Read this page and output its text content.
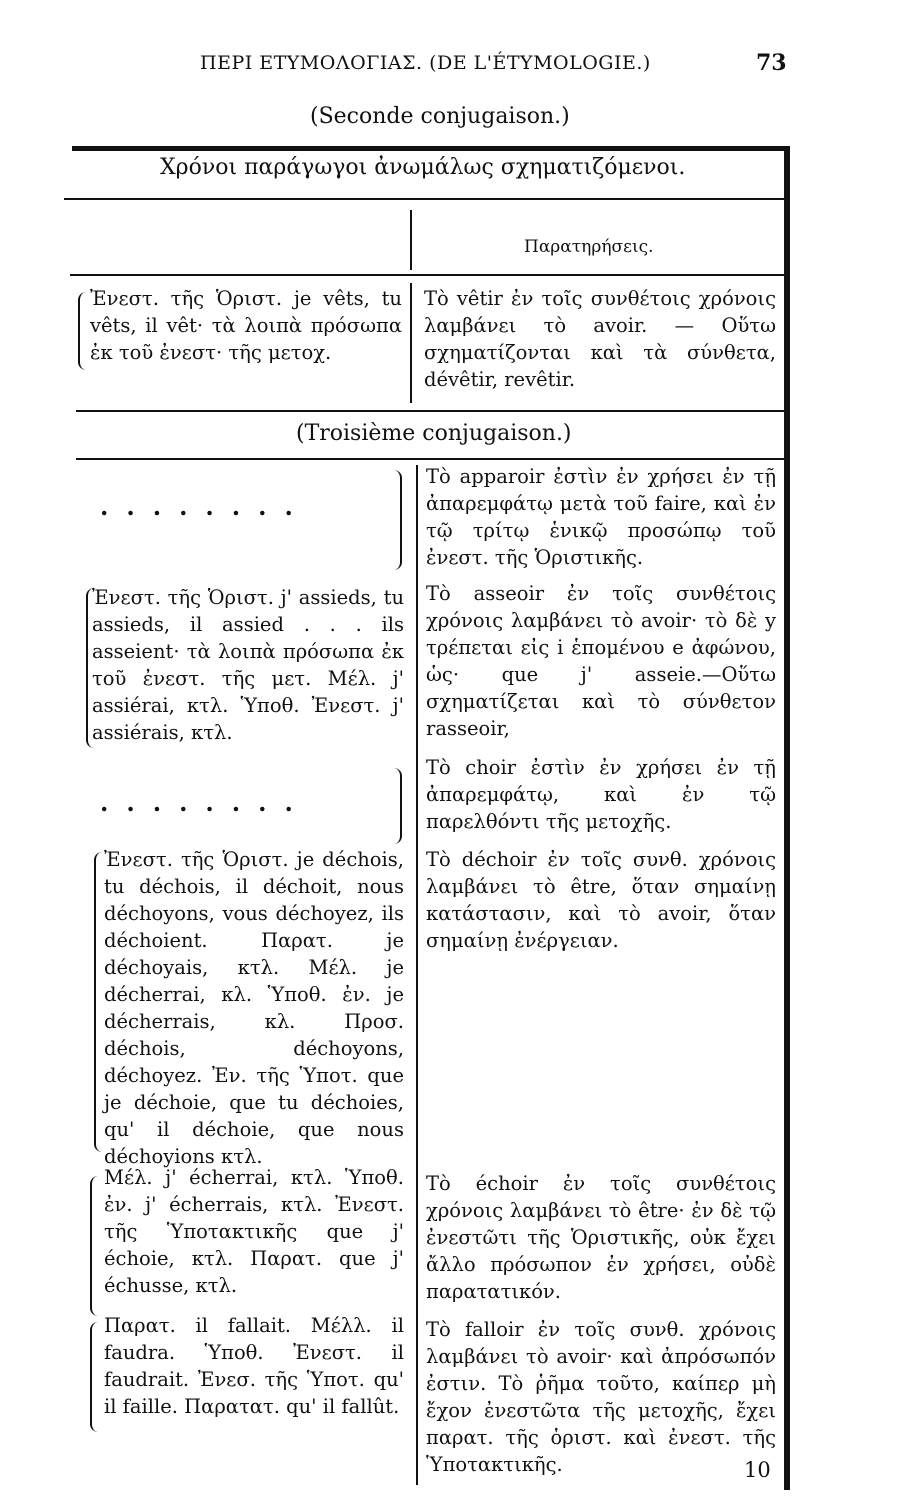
ΠΕΡΙ ΕΤΥΜΟΛΟΓΙΑΣ. (DE L'ÉTYMOLOGIE.)	73
(Seconde conjugaison.)
Χρόνοι παράγωγοι ἀνωμάλως σχηματιζόμενοι.
Παρατηρήσεις.

Ἐνεστ. τῆς Ὁριστ. je vêts, tu vêts, il vêt· τὰ λοιπὰ πρόσωπα ἐκ τοῦ ἐνεστ· τῆς μετοχ.

Τὸ vêtir ἐν τοῖς συνθέτοις χρόνοις λαμβάνει τὸ avoir. — Οὕτω σχηματίζονται καὶ τὰ σύνθετα, dévêtir, revêtir.

(Troisième conjugaison.)
........

Ἐνεστ. τῆς Ὁριστ. j' assieds, tu assieds, il assied . . . ils asseient· τὰ λοιπὰ πρόσωπα ἐκ τοῦ ἐνεστ. τῆς μετ. Μέλ. j' assiérai, κτλ. Ὑποθ. Ἐνεστ. j' assiérais, κτλ.

........

Ἐνεστ. τῆς Ὁριστ. je déchois, tu déchois, il déchoit, nous déchoyons, vous déchoyez, ils déchoient. Παρατ. je déchoyais, κτλ. Μέλ. je décherrai, κλ. Ὑποθ. ἐν. je décherrais, κλ. Προσ. déchois, déchoyons, déchoyez. Ἐν. τῆς Ὑποτ. que je déchoie, que tu déchoies, qu' il déchoie, que nous déchoyions κτλ.

Μέλ. j' écherrai, κτλ. Ὑποθ. ἐν. j' écherrais, κτλ. Ἐνεστ. τῆς Ὑποτακτικῆς que j' échoie, κτλ. Παρατ. que j' échusse, κτλ.

Παρατ. il fallait. Μέλλ. il faudra. Ὑποθ. Ἐνεστ. il faudrait. Ἐνεσ. τῆς Ὑποτ. qu' il faille. Παρατατ. qu' il fallût.

Τὸ apparoir ἐστὶν ἐν χρήσει ἐν τῇ ἀπαρεμφάτῳ μετὰ τοῦ faire, καὶ ἐν τῷ τρίτῳ ἑνικῷ προσώπῳ τοῦ ἐνεστ. τῆς Ὁριστικῆς.

Τὸ asseoir ἐν τοῖς συνθέτοις χρόνοις λαμβάνει τὸ avoir· τὸ δὲ y τρέπεται εἰς i ἑπομένου e ἀφώνου, ὡς· que j' asseie.—Οὕτω σχηματίζεται καὶ τὸ σύνθετον rasseoir,

Τὸ choir ἐστὶν ἐν χρήσει ἐν τῇ ἀπαρεμφάτῳ, καὶ ἐν τῷ παρελθόντι τῆς μετοχῆς.

Τὸ déchoir ἐν τοῖς συνθ. χρόνοις λαμβάνει τὸ être, ὅταν σημαίνῃ κατάστασιν, καὶ τὸ avoir, ὅταν σημαίνῃ ἐνέργειαν.

Τὸ échoir ἐν τοῖς συνθέτοις χρόνοις λαμβάνει τὸ être· ἐν δὲ τῷ ἐνεστῶτι τῆς Ὁριστικῆς, οὐκ ἔχει ἄλλο πρόσωπον ἐν χρήσει, οὐδὲ παρατατικόν.

Τὸ falloir ἐν τοῖς συνθ. χρόνοις λαμβάνει τὸ avoir· καὶ ἀπρόσωπόν ἐστιν. Τὸ ῥῆμα τοῦτο, καίπερ μὴ ἔχον ἐνεστῶτα τῆς μετοχῆς, ἔχει παρατ. τῆς ὁριστ. καὶ ἐνεστ. τῆς Ὑποτακτικῆς.	10
